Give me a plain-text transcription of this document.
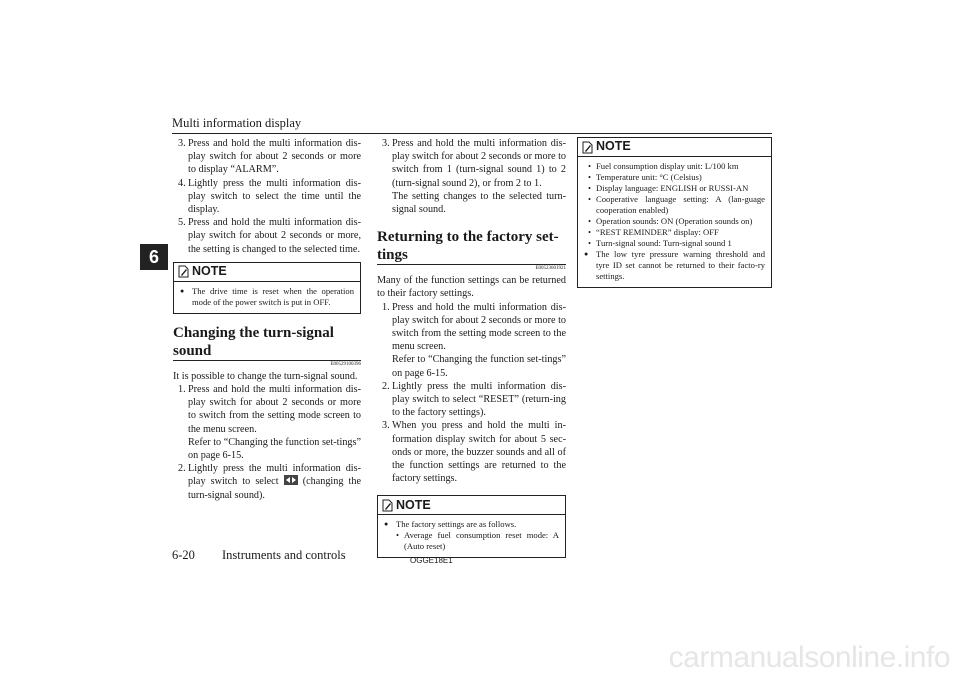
Multi information display
6
3. Press and hold the multi information dis-play switch for about 2 seconds or more to display “ALARM”.
4. Lightly press the multi information dis-play switch to select the time until the display.
5. Press and hold the multi information dis-play switch for about 2 seconds or more, the setting is changed to the selected time.
NOTE
● The drive time is reset when the operation mode of the power switch is put in OFF.
Changing the turn-signal sound
E00529100396
It is possible to change the turn-signal sound.
1. Press and hold the multi information dis-play switch for about 2 seconds or more to switch from the setting mode screen to the menu screen.
Refer to “Changing the function set-tings” on page 6-15.
2. Lightly press the multi information dis-play switch to select (changing the turn-signal sound).
3. Press and hold the multi information dis-play switch for about 2 seconds or more to switch from 1 (turn-signal sound 1) to 2 (turn-signal sound 2), or from 2 to 1.
The setting changes to the selected turn-signal sound.
Returning to the factory set-tings
E00523601921
Many of the function settings can be returned to their factory settings.
1. Press and hold the multi information dis-play switch for about 2 seconds or more to switch from the setting mode screen to the menu screen.
Refer to “Changing the function set-tings” on page 6-15.
2. Lightly press the multi information dis-play switch to select “RESET” (return-ing to the factory settings).
3. When you press and hold the multi in-formation display switch for about 5 sec-onds or more, the buzzer sounds and all of the function settings are returned to the factory settings.
NOTE
● The factory settings are as follows.
• Average fuel consumption reset mode: A (Auto reset)
NOTE
• Fuel consumption display unit: L/100 km
• Temperature unit: °C (Celsius)
• Display language: ENGLISH or RUSSI-AN
• Cooperative language setting: A (lan-guage cooperation enabled)
• Operation sounds: ON (Operation sounds on)
• “REST REMINDER” display: OFF
• Turn-signal sound: Turn-signal sound 1
● The low tyre pressure warning threshold and tyre ID set cannot be returned to their facto-ry settings.
6-20 Instruments and controls	OGGE18E1
carmanualsonline.info
